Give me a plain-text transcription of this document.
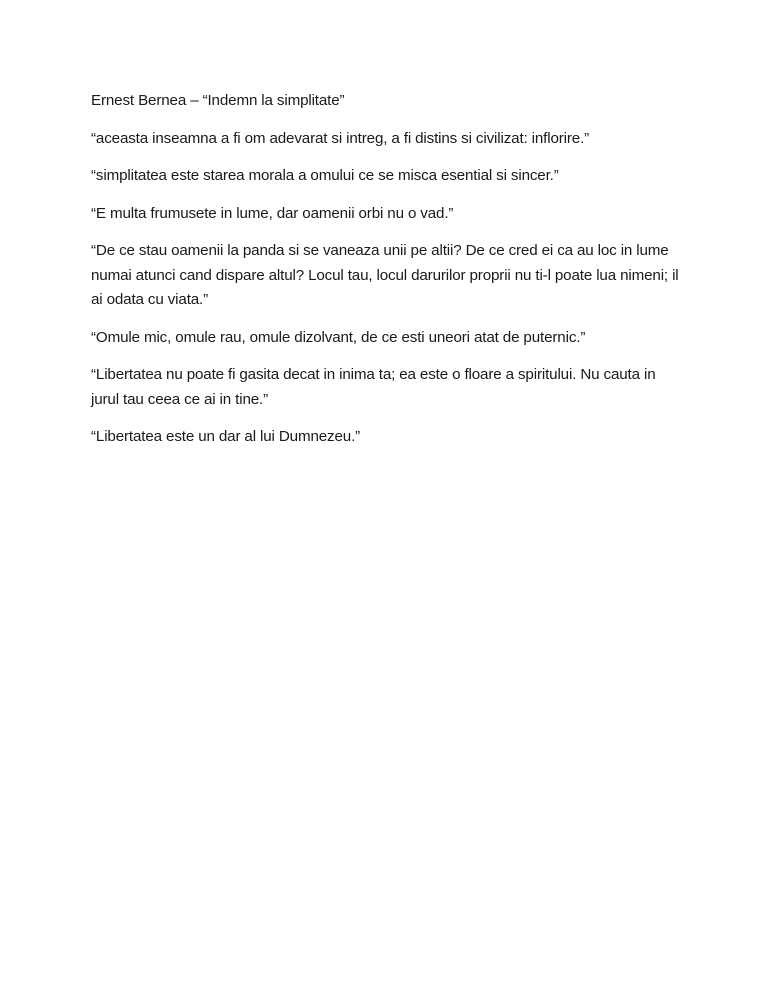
Ernest Bernea – “Indemn la simplitate”

“aceasta inseamna a fi om adevarat si intreg, a fi distins si civilizat: inflorire.”

“simplitatea este starea morala a omului ce se misca esential si sincer.”

“E multa frumusete in lume, dar oamenii orbi nu o vad.”

“De ce stau oamenii la panda si se vaneaza unii pe altii? De ce cred ei ca au loc in lume numai atunci cand dispare altul? Locul tau, locul darurilor proprii nu ti-l poate lua nimeni; il ai odata cu viata.”

“Omule mic, omule rau, omule dizolvant, de ce esti uneori atat de puternic.”

“Libertatea nu poate fi gasita decat in inima ta; ea este o floare a spiritului. Nu cauta in jurul tau ceea ce ai in tine.”

“Libertatea este un dar al lui Dumnezeu.”
